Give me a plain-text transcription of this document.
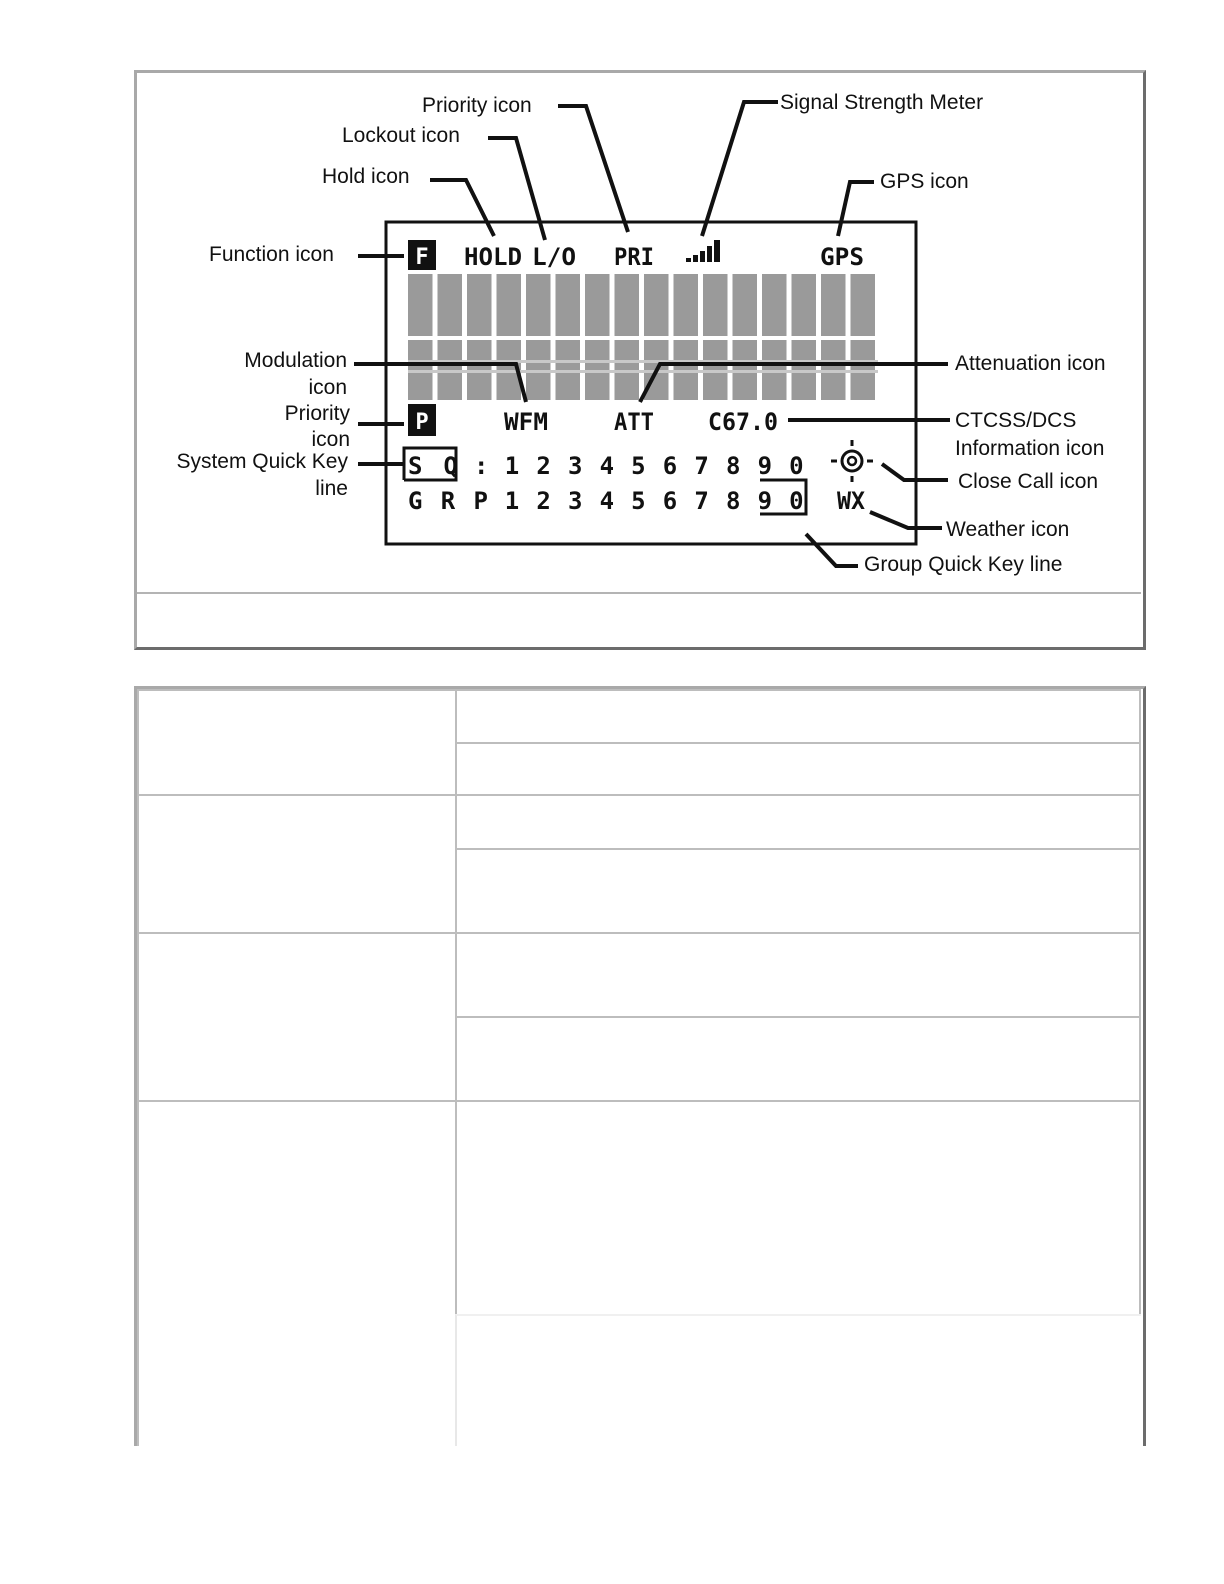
F HOLD L/O PRI	GPS
P	WFM	ATT C67.0
S Q : 1 2 3 4 5 6 7 8 9 0
G R P 1 2 3 4 5 6 7 8 9 0 WX
Priority icon
Lockout icon
Hold icon
Function icon
Signal Strength Meter
GPS icon
Modulation
icon
Priority
icon
System Quick Key
line
Attenuation icon
CTCSS/DCS
Information icon
Close Call icon
Weather icon
Group Quick Key line
